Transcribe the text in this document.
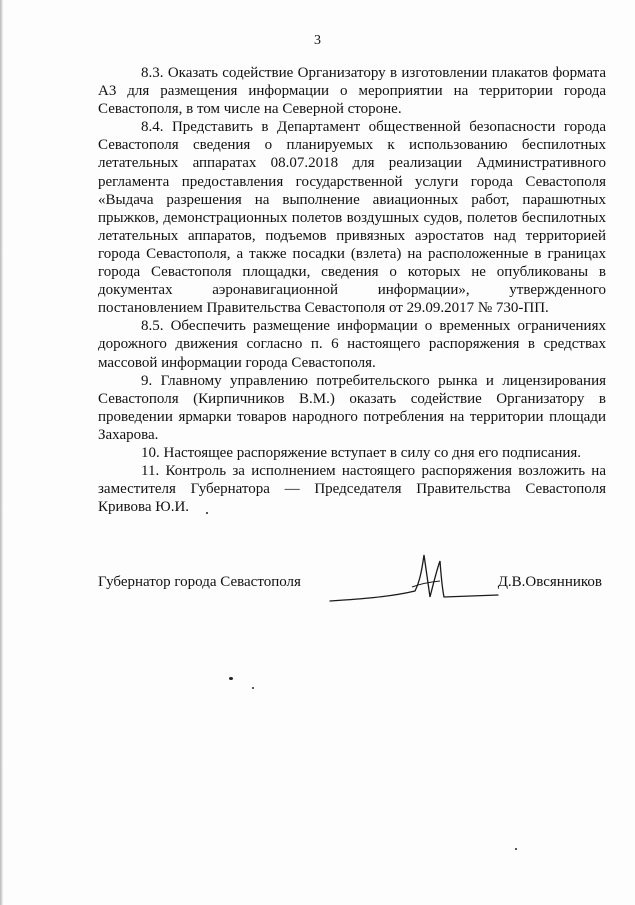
3

8.3. Оказать содействие Организатору в изготовлении плакатов формата А3 для размещения информации о мероприятии на территории города Севастополя, в том числе на Северной стороне.

8.4. Представить в Департамент общественной безопасности города Севастополя сведения о планируемых к использованию беспилотных летательных аппаратах 08.07.2018 для реализации Административного регламента предоставления государственной услуги города Севастополя «Выдача разрешения на выполнение авиационных работ, парашютных прыжков, демонстрационных полетов воздушных судов, полетов беспилотных летательных аппаратов, подъемов привязных аэростатов над территорией города Севастополя, а также посадки (взлета) на расположенные в границах города Севастополя площадки, сведения о которых не опубликованы в документах аэронавигационной информации», утвержденного постановлением Правительства Севастополя от 29.09.2017 № 730-ПП.

8.5. Обеспечить размещение информации о временных ограничениях дорожного движения согласно п. 6 настоящего распоряжения в средствах массовой информации города Севастополя.

9. Главному управлению потребительского рынка и лицензирования Севастополя (Кирпичников В.М.) оказать содействие Организатору в проведении ярмарки товаров народного потребления на территории площади Захарова.

10. Настоящее распоряжение вступает в силу со дня его подписания.

11. Контроль за исполнением настоящего распоряжения возложить на заместителя Губернатора — Председателя Правительства Севастополя Кривова Ю.И.

Губернатор города Севастополя	Д.В.Овсянников
